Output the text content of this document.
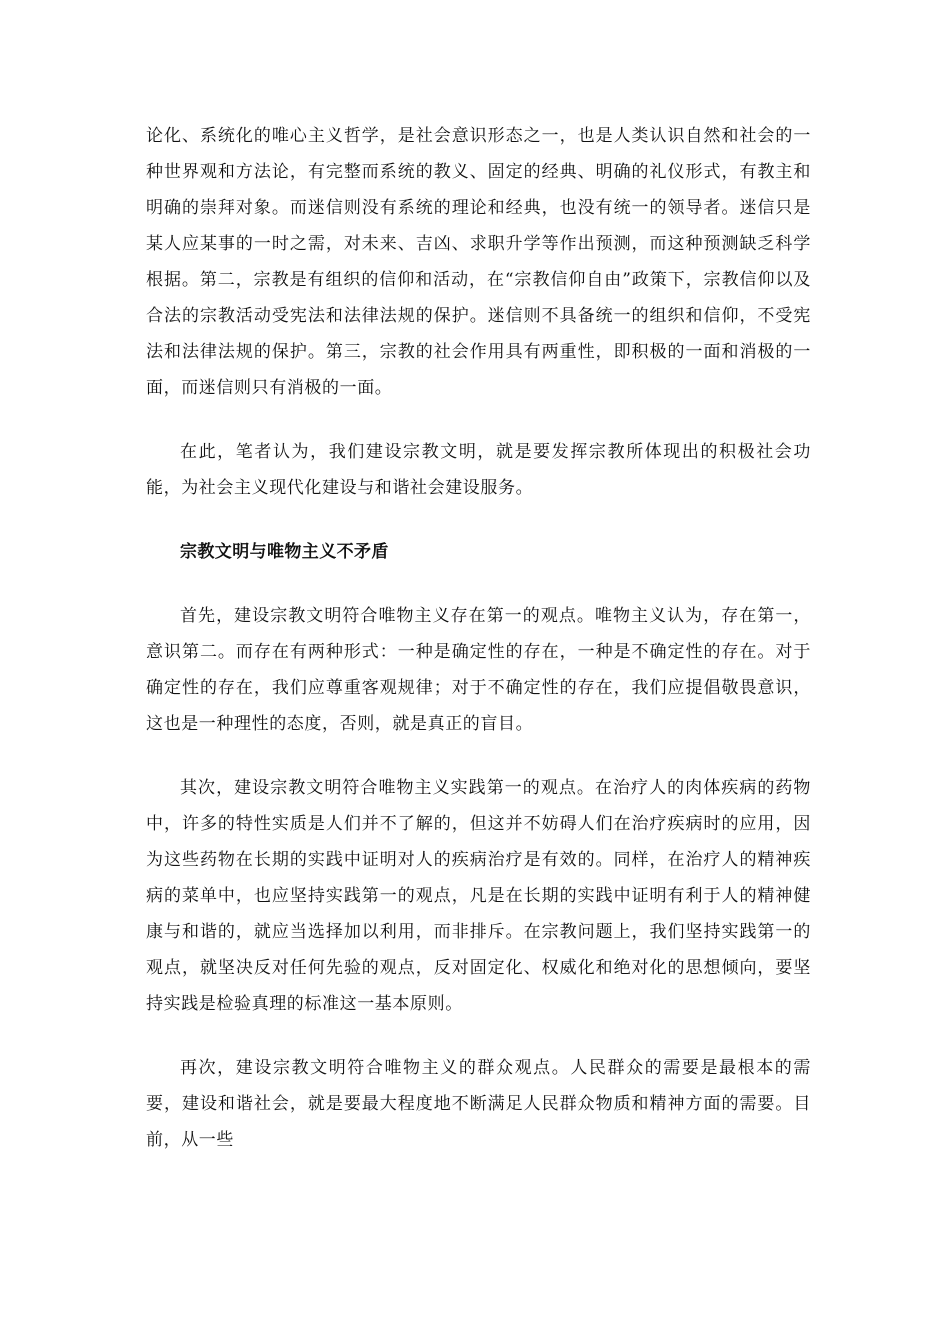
论化、系统化的唯心主义哲学，是社会意识形态之一，也是人类认识自然和社会的一种世界观和方法论，有完整而系统的教义、固定的经典、明确的礼仪形式，有教主和明确的崇拜对象。而迷信则没有系统的理论和经典，也没有统一的领导者。迷信只是某人应某事的一时之需，对未来、吉凶、求职升学等作出预测，而这种预测缺乏科学根据。第二，宗教是有组织的信仰和活动，在“宗教信仰自由”政策下，宗教信仰以及合法的宗教活动受宪法和法律法规的保护。迷信则不具备统一的组织和信仰，不受宪法和法律法规的保护。第三，宗教的社会作用具有两重性，即积极的一面和消极的一面，而迷信则只有消极的一面。

在此，笔者认为，我们建设宗教文明，就是要发挥宗教所体现出的积极社会功能，为社会主义现代化建设与和谐社会建设服务。

宗教文明与唯物主义不矛盾

首先，建设宗教文明符合唯物主义存在第一的观点。唯物主义认为，存在第一，意识第二。而存在有两种形式：一种是确定性的存在，一种是不确定性的存在。对于确定性的存在，我们应尊重客观规律；对于不确定性的存在，我们应提倡敬畏意识，这也是一种理性的态度，否则，就是真正的盲目。

其次，建设宗教文明符合唯物主义实践第一的观点。在治疗人的肉体疾病的药物中，许多的特性实质是人们并不了解的，但这并不妨碍人们在治疗疾病时的应用，因为这些药物在长期的实践中证明对人的疾病治疗是有效的。同样，在治疗人的精神疾病的菜单中，也应坚持实践第一的观点，凡是在长期的实践中证明有利于人的精神健康与和谐的，就应当选择加以利用，而非排斥。在宗教问题上，我们坚持实践第一的观点，就坚决反对任何先验的观点，反对固定化、权威化和绝对化的思想倾向，要坚持实践是检验真理的标准这一基本原则。

再次，建设宗教文明符合唯物主义的群众观点。人民群众的需要是最根本的需要，建设和谐社会，就是要最大程度地不断满足人民群众物质和精神方面的需要。目前，从一些
